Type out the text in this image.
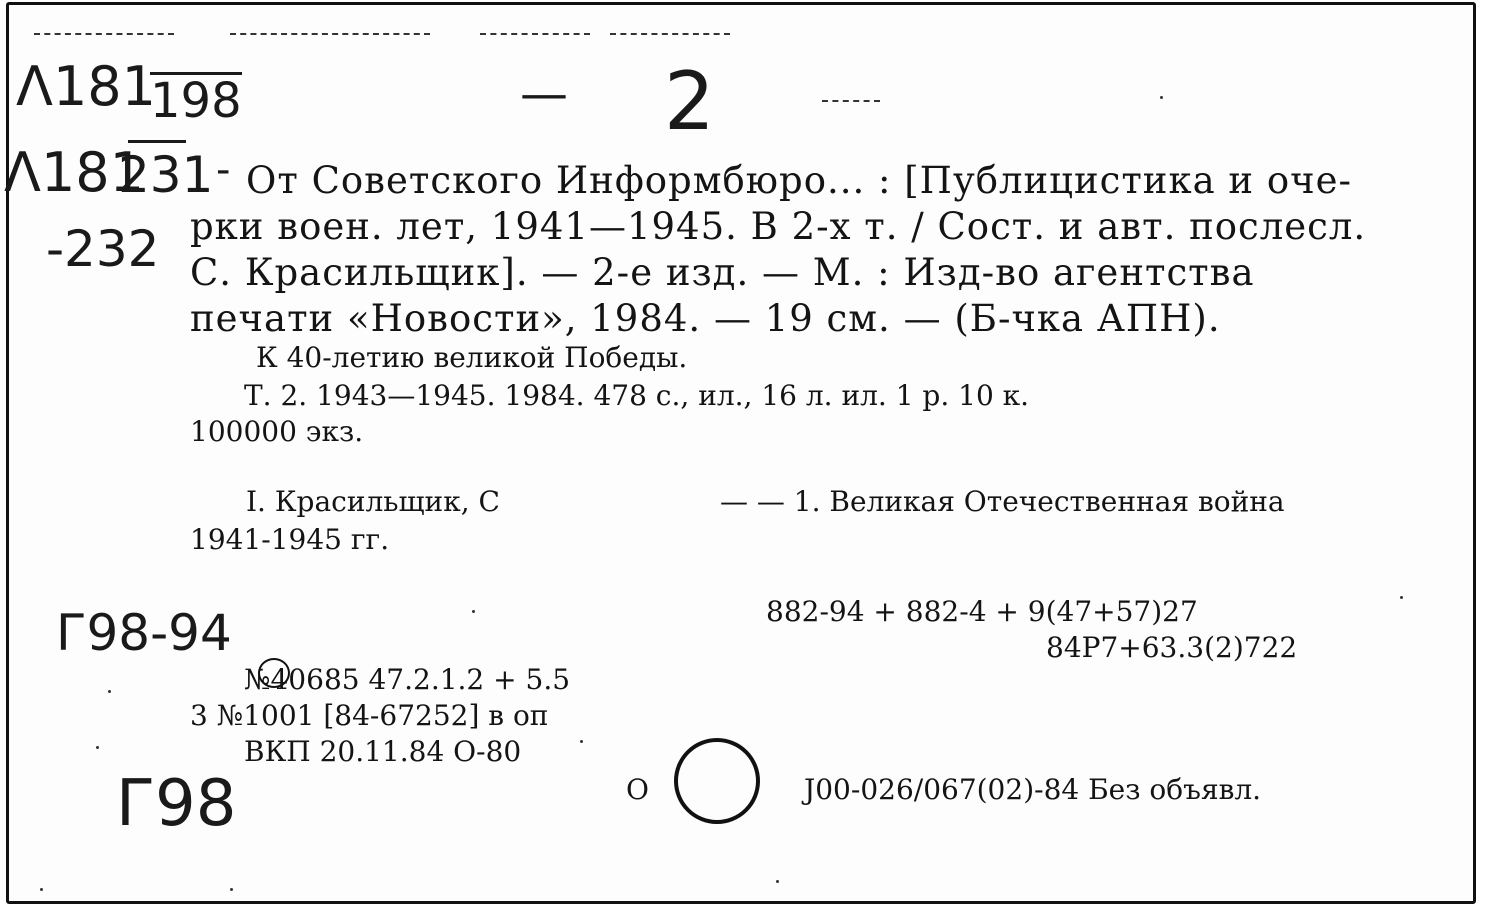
Λ181
198
Λ181
231 -
-232
— 2
От Советского Информбюро... : [Публицистика и оче-
рки воен. лет, 1941—1945. В 2-х т. / Сост. и авт. послесл.
С. Красильщик]. — 2-е изд. — М. : Изд-во агентства
печати «Новости», 1984. — 19 см. — (Б-чка АПН).
К 40-летию великой Победы.
Т. 2. 1943—1945. 1984. 478 с., ил., 16 л. ил. 1 р. 10 к.
100000 экз.
I. Красильщик, С	— — 1. Великая Отечественная война
1941-1945 гг.
882-94 + 882-4 + 9(47+57)27
84Р7+63.3(2)722
Г98-94
Г98
№40685 47.2.1.2 + 5.5
3 №1001 [84-67252] в оп
ВКП 20.11.84 О-80
О	Ј00-026/067(02)-84 Без объявл.
